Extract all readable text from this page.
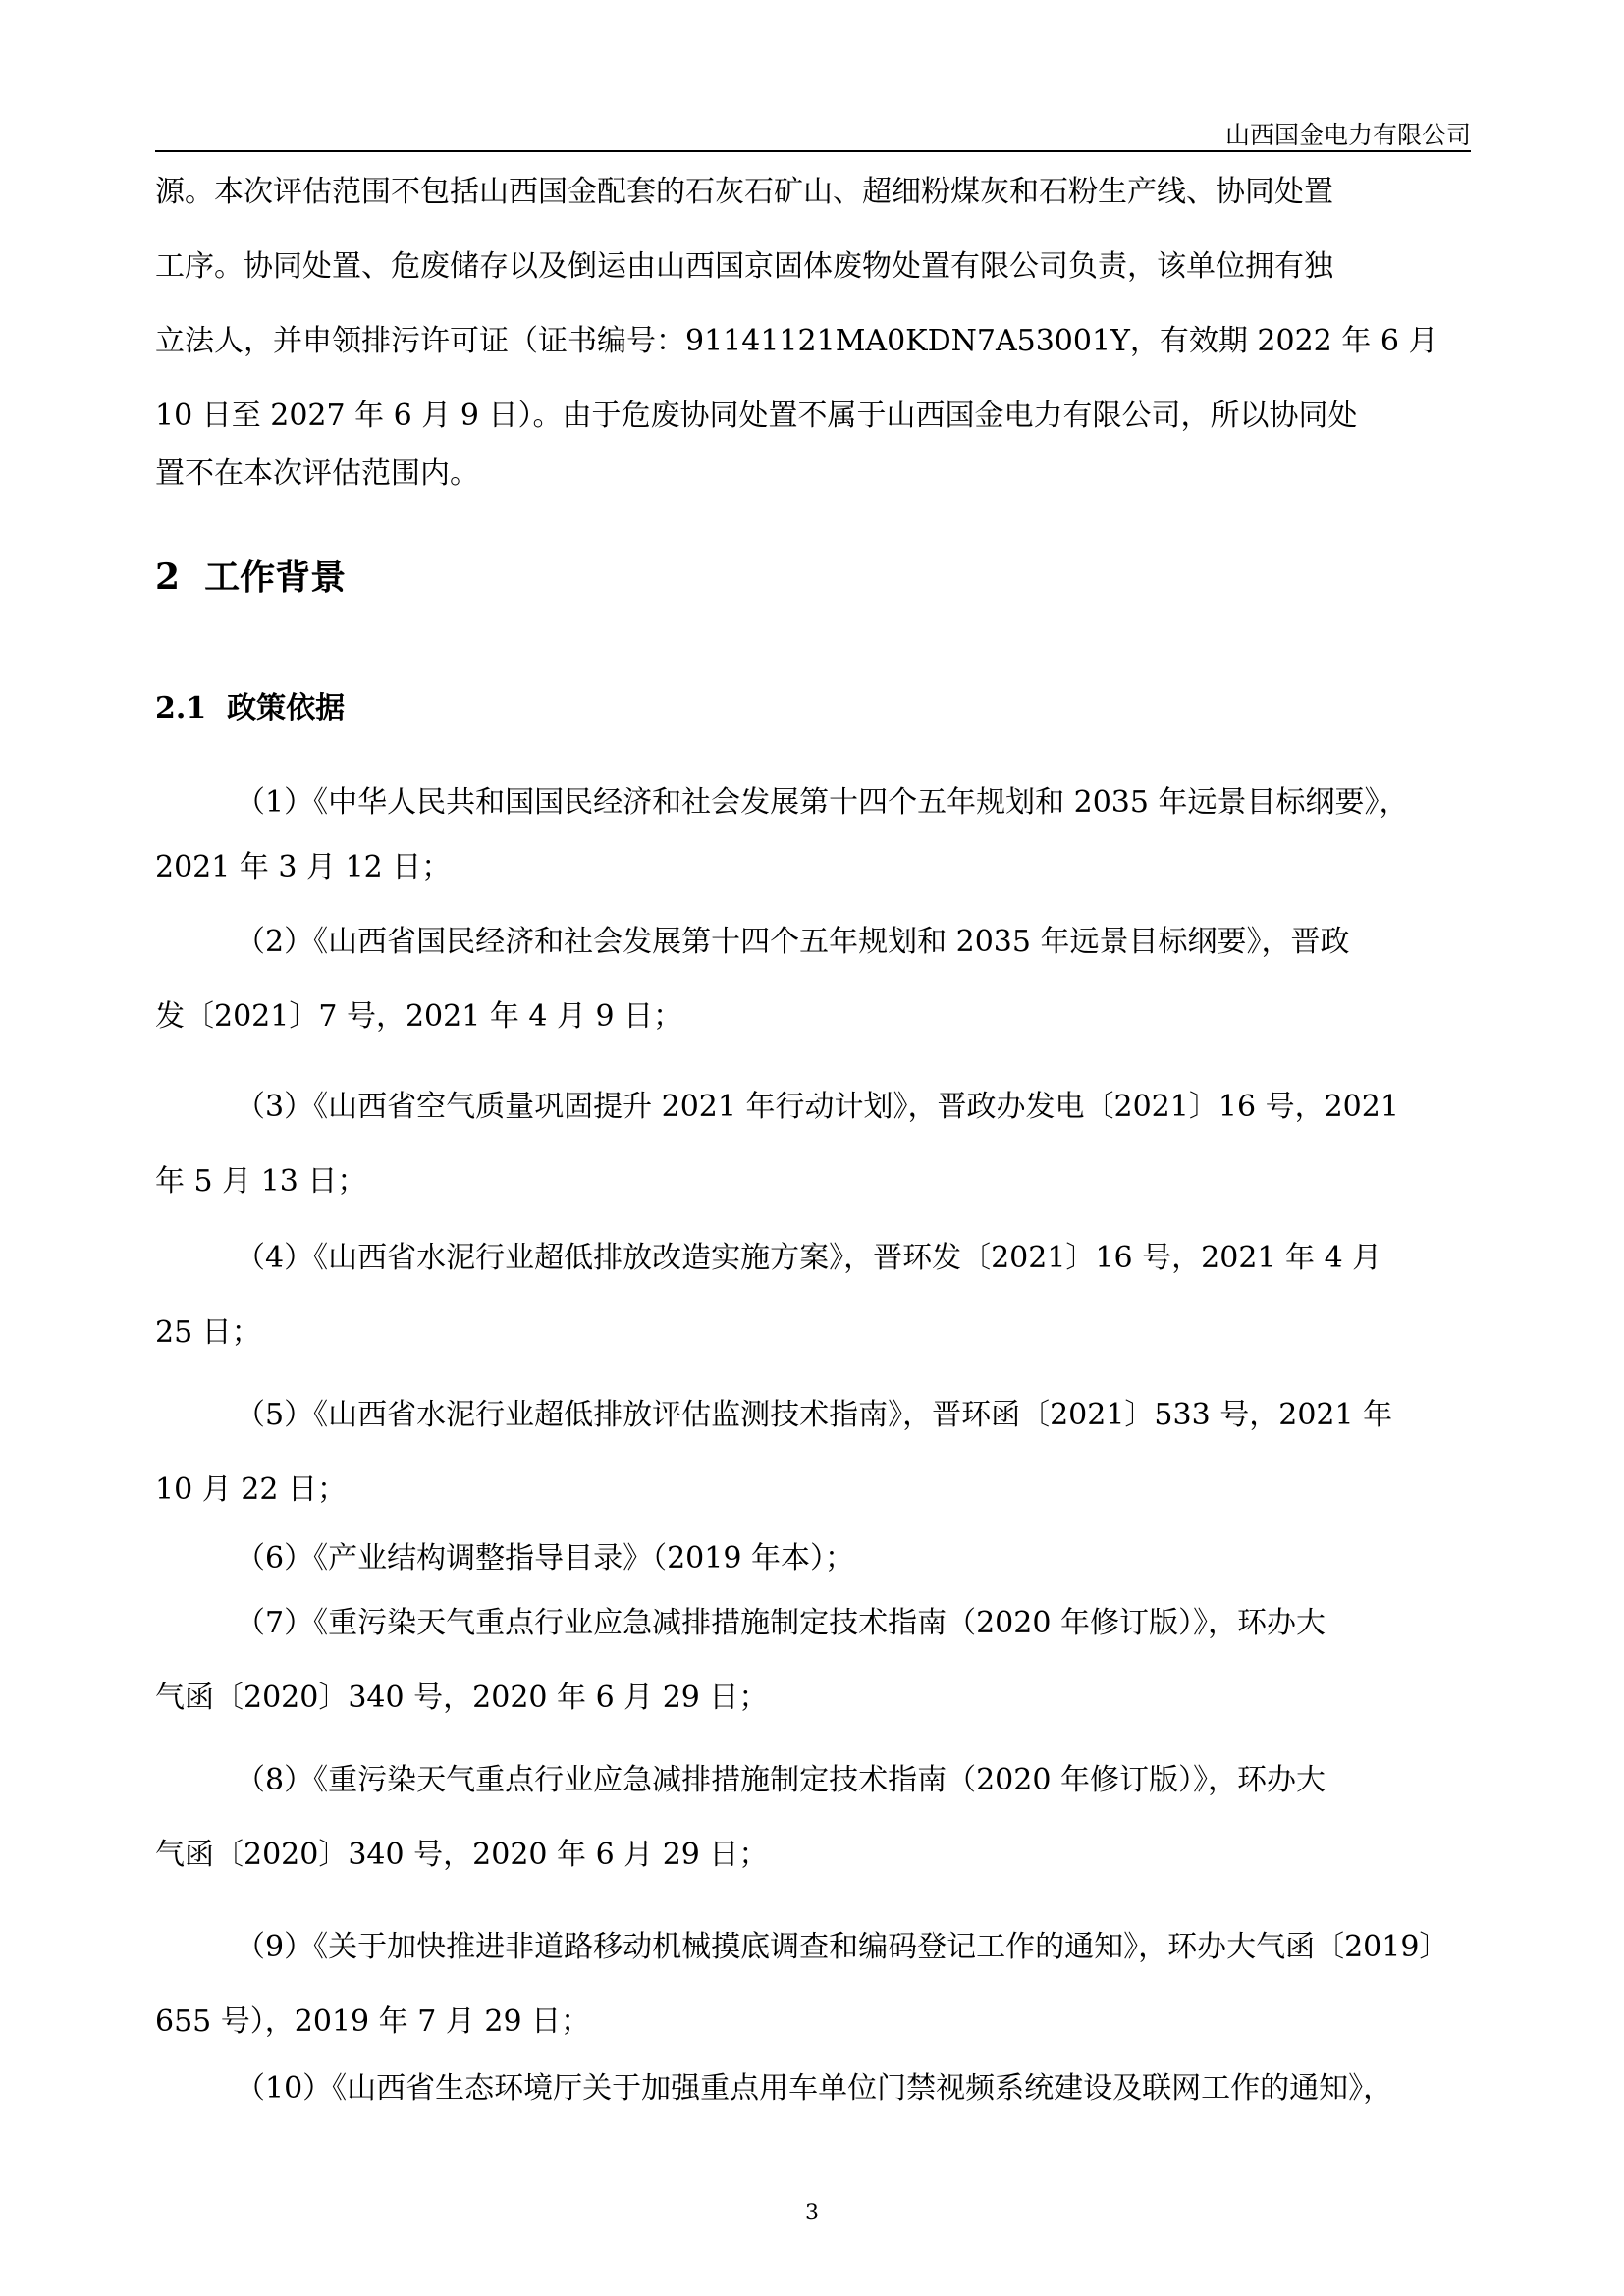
山西国金电力有限公司
源。本次评估范围不包括山西国金配套的石灰石矿山、超细粉煤灰和石粉生产线、协同处置
工序。协同处置、危废储存以及倒运由山西国京固体废物处置有限公司负责，该单位拥有独
立法人，并申领排污许可证（证书编号：91141121MA0KDN7A53001Y，有效期 2022 年 6 月
10 日至 2027 年 6 月 9 日）。由于危废协同处置不属于山西国金电力有限公司，所以协同处
置不在本次评估范围内。
2 工作背景
2.1 政策依据
（1）《中华人民共和国国民经济和社会发展第十四个五年规划和 2035 年远景目标纲要》，
2021 年 3 月 12 日；
（2）《山西省国民经济和社会发展第十四个五年规划和 2035 年远景目标纲要》，晋政
发〔2021〕7 号，2021 年 4 月 9 日；
（3）《山西省空气质量巩固提升 2021 年行动计划》，晋政办发电〔2021〕16 号，2021
年 5 月 13 日；
（4）《山西省水泥行业超低排放改造实施方案》，晋环发〔2021〕16 号，2021 年 4 月
25 日；
（5）《山西省水泥行业超低排放评估监测技术指南》，晋环函〔2021〕533 号，2021 年
10 月 22 日；
（6）《产业结构调整指导目录》（2019 年本）；
（7）《重污染天气重点行业应急减排措施制定技术指南（2020 年修订版）》，环办大
气函〔2020〕340 号，2020 年 6 月 29 日；
（8）《重污染天气重点行业应急减排措施制定技术指南（2020 年修订版）》，环办大
气函〔2020〕340 号，2020 年 6 月 29 日；
（9）《关于加快推进非道路移动机械摸底调查和编码登记工作的通知》，环办大气函〔2019〕
655 号），2019 年 7 月 29 日；
（10）《山西省生态环境厅关于加强重点用车单位门禁视频系统建设及联网工作的通知》，
3
